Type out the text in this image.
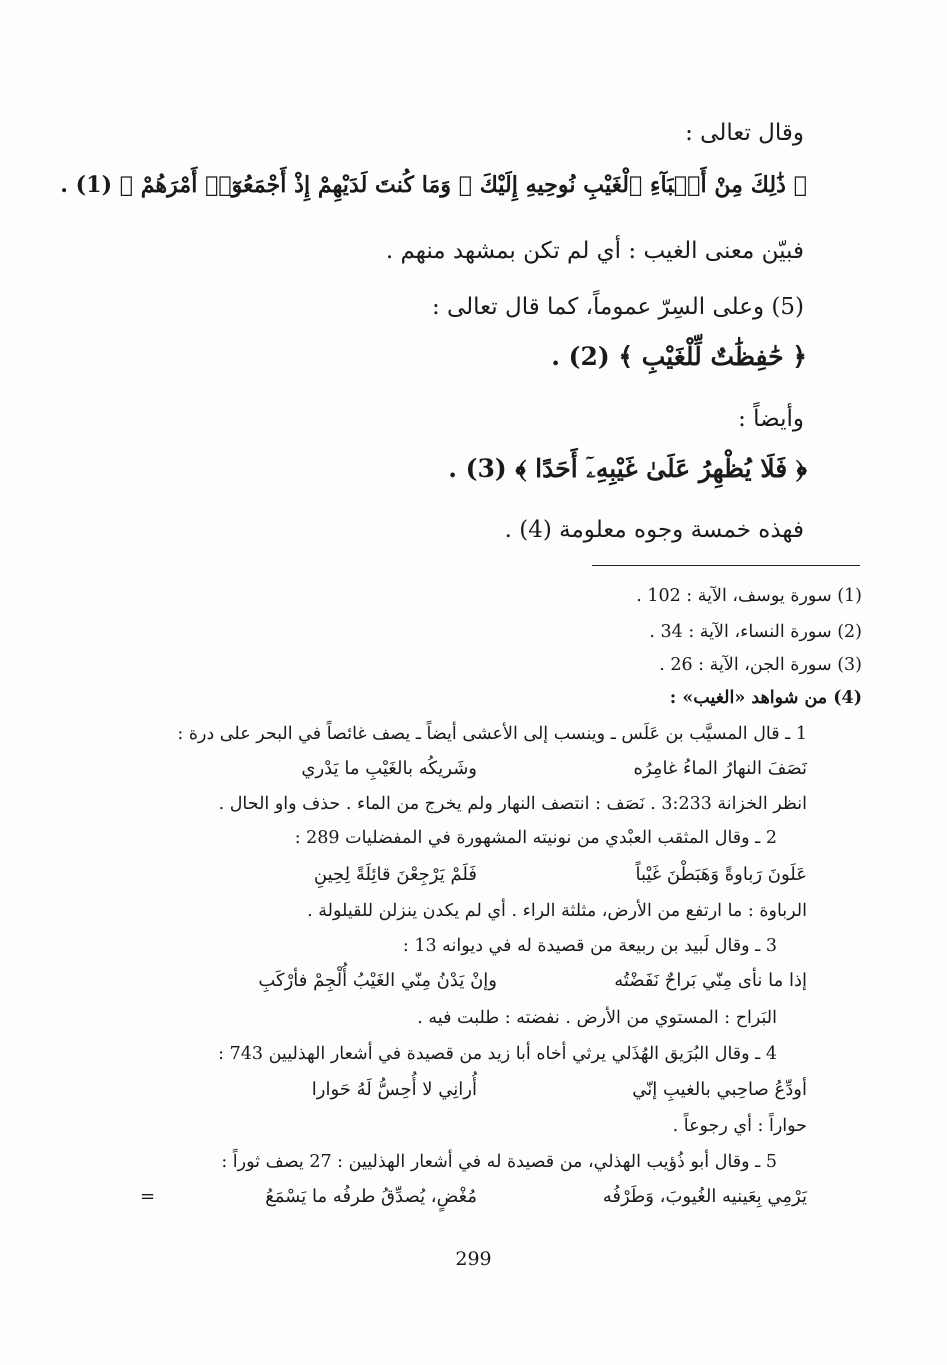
وقال تعالى :
﴿ ذَٰلِكَ مِنْ أَنۢبَآءِ ٱلْغَيْبِ نُوحِيهِ إِلَيْكَ ۖ وَمَا كُنتَ لَدَيْهِمْ إِذْ أَجْمَعُوٓا۟ أَمْرَهُمْ ﴾ (1) .
فبيّن معنى الغيب : أي لم تكن بمشهد منهم .
(5) وعلى السِرّ عموماً، كما قال تعالى :
﴿ حَٰفِظَٰتٌ لِّلْغَيْبِ ﴾ (2) .
وأيضاً :
﴿ فَلَا يُظْهِرُ عَلَىٰ غَيْبِهِۦٓ أَحَدًا ﴾ (3) .
فهذه خمسة وجوه معلومة (4) .
(1) سورة يوسف، الآية : 102 .
(2) سورة النساء، الآية : 34 .
(3) سورة الجن، الآية : 26 .
(4) من شواهد «الغيب» :
1 ـ قال المسيَّب بن عَلَس ـ وينسب إلى الأعشى أيضاً ـ يصف غائصاً في البحر على درة :
نَصَفَ النهارُ الماءُ غامِرُه
وشَريكُه بالغَيْبِ ما يَدْري
انظر الخزانة 3:233 . نَصَف : انتصف النهار ولم يخرج من الماء . حذف واو الحال .
2 ـ وقال المثقب العبْدي من نونيته المشهورة في المفضليات 289 :
عَلَونَ رَباوةً وَهَبَطْنَ غَيْباً
فَلَمْ يَرْجِعْنَ قائِلَةً لِحِينِ
الرباوة : ما ارتفع من الأرض، مثلثة الراء . أي لم يكدن ينزلن للقيلولة .
3 ـ وقال لَبيد بن ربيعة من قصيدة له في ديوانه 13 :
إذا ما نأى مِنّي بَراحٌ نَفَضْتُه
وإنْ يَدْنُ مِنّي الغَيْبُ أُلْجِمْ فأرْكَبِ
البَراح : المستوي من الأرض . نفضته : طلبت فيه .
4 ـ وقال البُرَيق الهُذَلي يرثي أخاه أبا زيد من قصيدة في أشعار الهذليين 743 :
أودِّعُ صاحِبي بالغيبِ إنّي
أُرانِي لا أُحِسُّ لَهُ حَوارا
حواراً : أي رجوعاً .
5 ـ وقال أبو ذُؤيب الهذلي، من قصيدة له في أشعار الهذليين : 27 يصف ثوراً :
يَرْمِي بِعَينيه الغُيوبَ، وَطَرْفُه
مُغْضٍ، يُصدِّقُ طرفُه ما يَسْمَعُ
=
299
